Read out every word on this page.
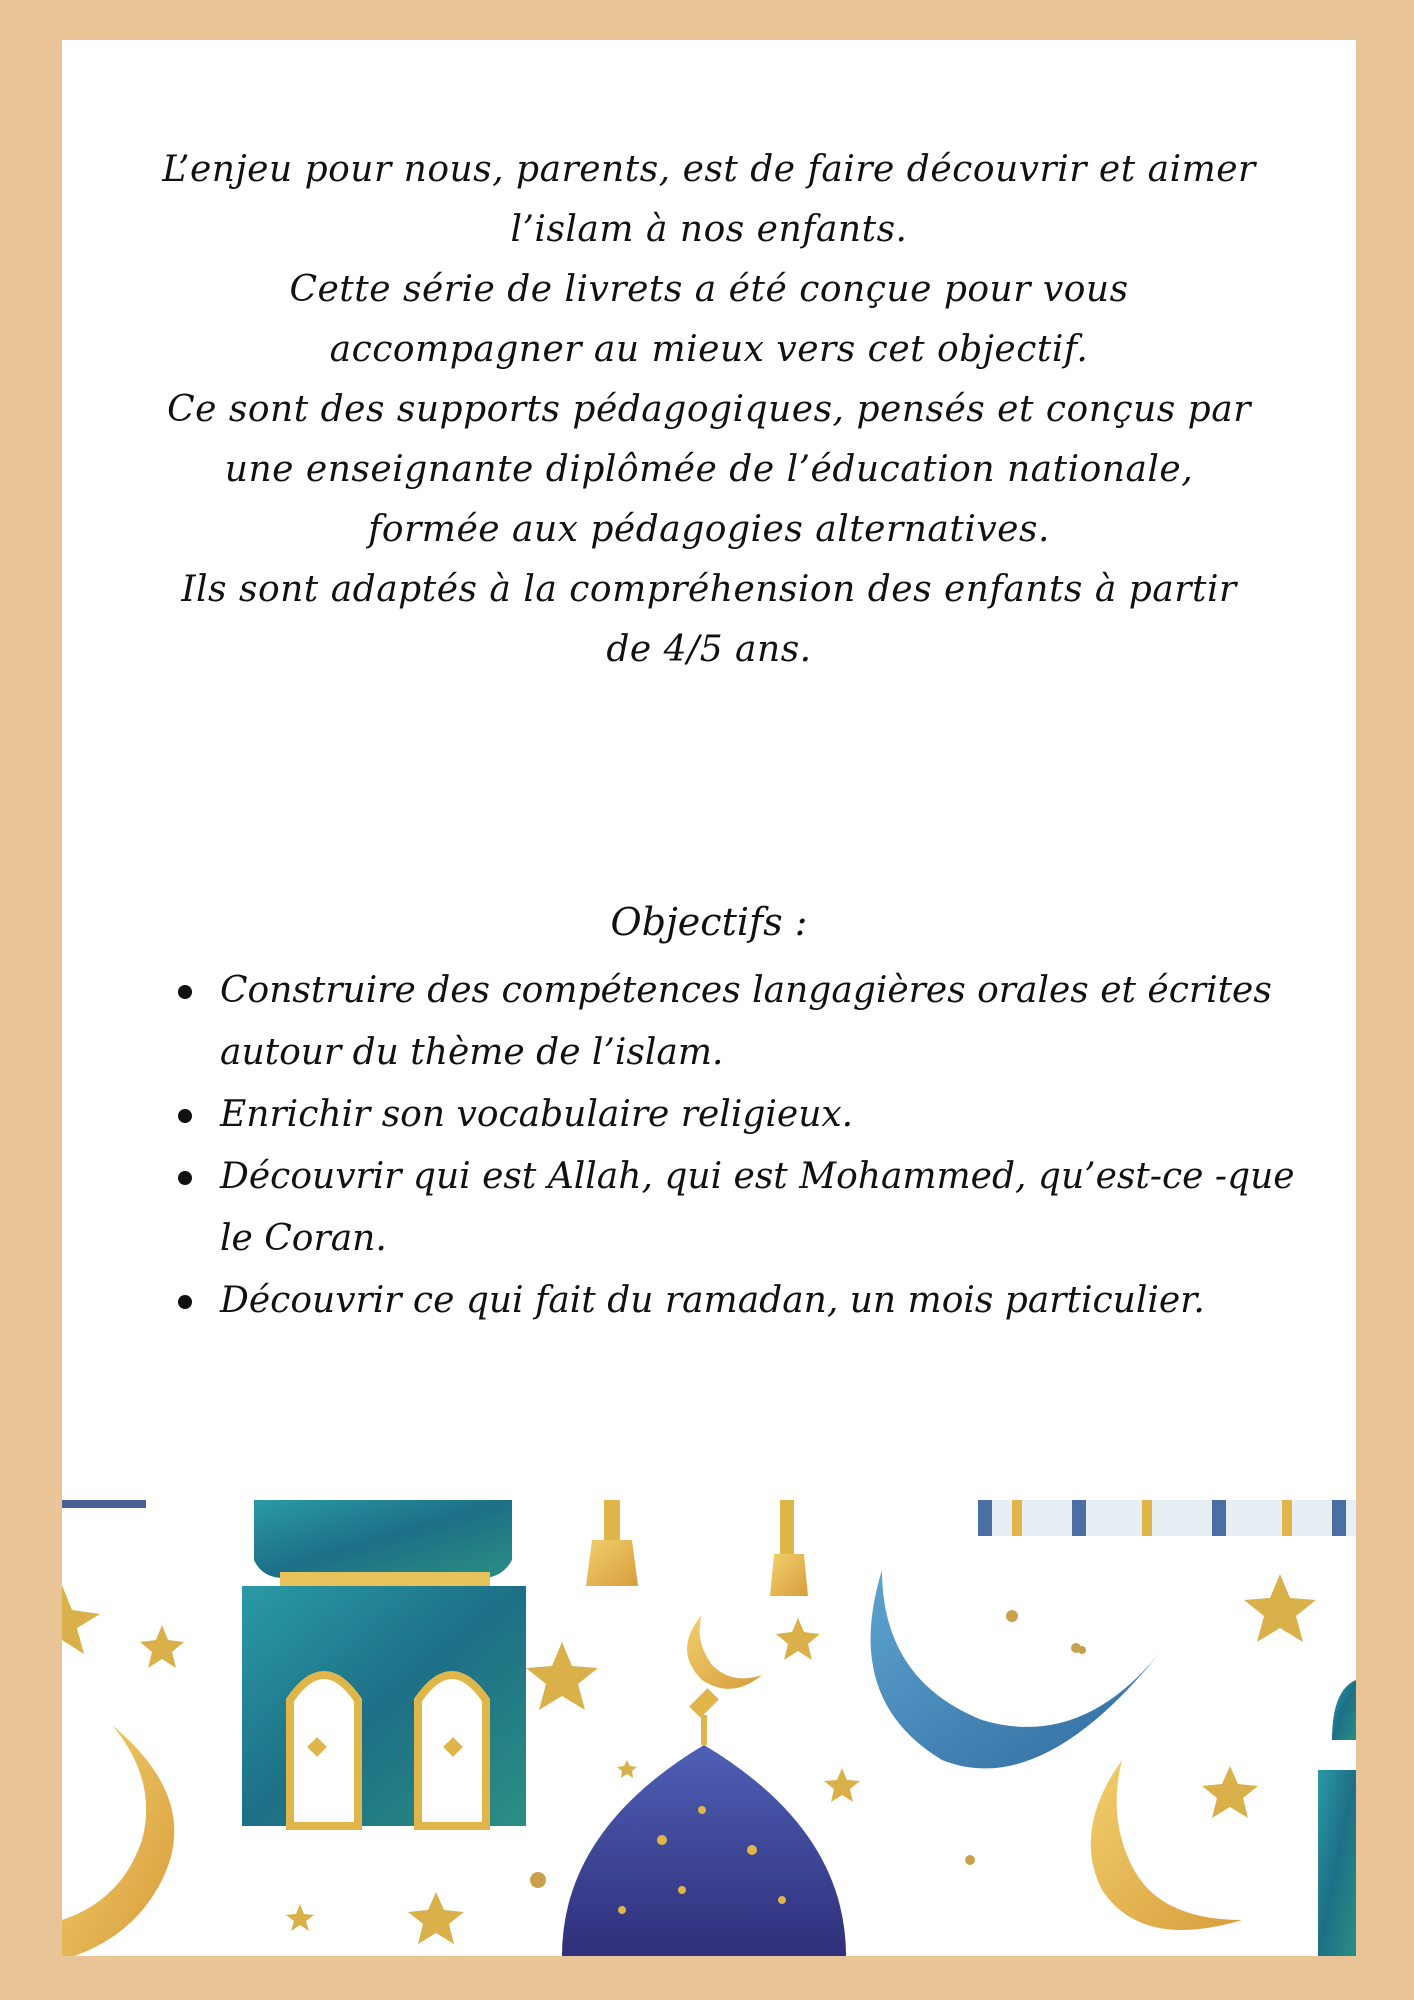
L’enjeu pour nous, parents, est de faire découvrir et aimer l’islam à nos enfants.

Cette série de livrets a été conçue pour vous accompagner au mieux vers cet objectif.

Ce sont des supports pédagogiques, pensés et conçus par une enseignante diplômée de l’éducation nationale, formée aux pédagogies alternatives.

Ils sont adaptés à la compréhension des enfants à partir de 4/5 ans.

Objectifs :
Construire des compétences langagières orales et écrites autour du thème de l’islam.
Enrichir son vocabulaire religieux.
Découvrir qui est Allah, qui est Mohammed, qu’est-ce -que le Coran.
Découvrir ce qui fait du ramadan, un mois particulier.
